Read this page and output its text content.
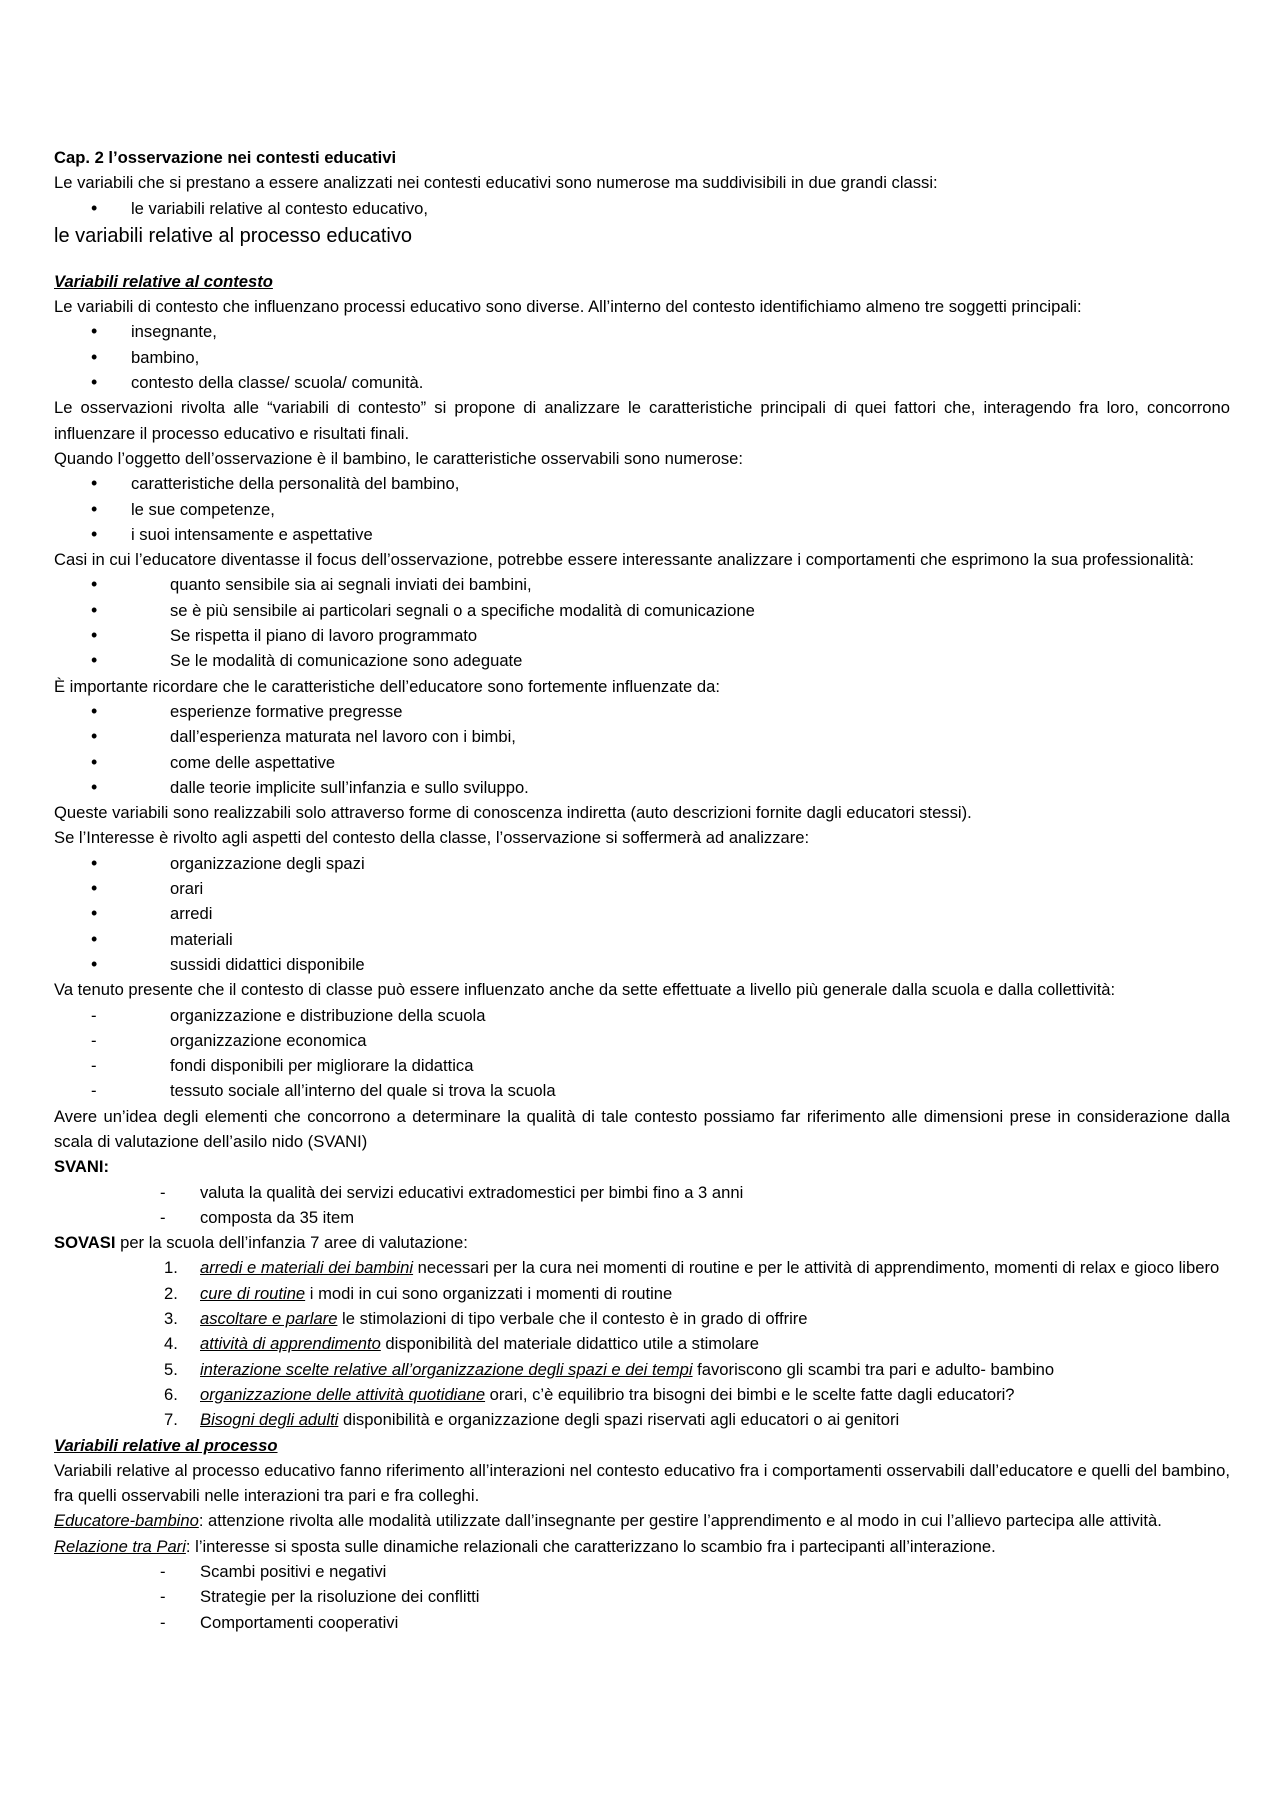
Cap. 2 l’osservazione nei contesti educativi

Le variabili che si prestano a essere analizzati nei contesti educativi sono numerose ma suddivisibili in due grandi classi:

• le variabili relative al contesto educativo,

le variabili relative al processo educativo

Variabili relative al contesto

Le variabili di contesto che influenzano processi educativo sono diverse. All’interno del contesto identifichiamo almeno tre soggetti principali:

• insegnante,
• bambino,
• contesto della classe/ scuola/ comunità.

Le osservazioni rivolta alle “variabili di contesto” si propone di analizzare le caratteristiche principali di quei fattori che, interagendo fra loro, concorrono influenzare il processo educativo e risultati finali.

Quando l’oggetto dell’osservazione è il bambino, le caratteristiche osservabili sono numerose:

• caratteristiche della personalità del bambino,
• le sue competenze,
• i suoi intensamente e aspettative

Casi in cui l’educatore diventasse il focus dell’osservazione, potrebbe essere interessante analizzare i comportamenti che esprimono la sua professionalità:

•	quanto sensibile sia ai segnali inviati dei bambini,
•	se è più sensibile ai particolari segnali o a specifiche modalità di comunicazione
•	Se rispetta il piano di lavoro programmato
•	Se le modalità di comunicazione sono adeguate

È importante ricordare che le caratteristiche dell’educatore sono fortemente influenzate da:

•	esperienze formative pregresse
•	dall’esperienza maturata nel lavoro con i bimbi,
•	come delle aspettative
•	dalle teorie implicite sull’infanzia e sullo sviluppo.

Queste variabili sono realizzabili solo attraverso forme di conoscenza indiretta (auto descrizioni fornite dagli educatori stessi).

Se l’Interesse è rivolto agli aspetti del contesto della classe, l’osservazione si soffermerà ad analizzare:

•	organizzazione degli spazi
•	orari
•	arredi
•	materiali
•	sussidi didattici disponibile

Va tenuto presente che il contesto di classe può essere influenzato anche da sette effettuate a livello più generale dalla scuola e dalla collettività:

-	organizzazione e distribuzione della scuola
-	organizzazione economica
-	fondi disponibili per migliorare la didattica
-	tessuto sociale all’interno del quale si trova la scuola

Avere un’idea degli elementi che concorrono a determinare la qualità di tale contesto possiamo far riferimento alle dimensioni prese in considerazione dalla scala di valutazione dell’asilo nido (SVANI)

SVANI:

- valuta la qualità dei servizi educativi extradomestici per bimbi fino a 3 anni
- composta da 35 item

SOVASI per la scuola dell’infanzia 7 aree di valutazione:

1. arredi e materiali dei bambini necessari per la cura nei momenti di routine e per le attività di apprendimento, momenti di relax e gioco libero
2. cure di routine i modi in cui sono organizzati i momenti di routine
3. ascoltare e parlare le stimolazioni di tipo verbale che il contesto è in grado di offrire
4. attività di apprendimento disponibilità del materiale didattico utile a stimolare
5. interazione scelte relative all’organizzazione degli spazi e dei tempi favoriscono gli scambi tra pari e adulto- bambino
6. organizzazione delle attività quotidiane orari, c’è equilibrio tra bisogni dei bimbi e le scelte fatte dagli educatori?
7. Bisogni degli adulti disponibilità e organizzazione degli spazi riservati agli educatori o ai genitori

Variabili relative al processo

Variabili relative al processo educativo fanno riferimento all’interazioni nel contesto educativo fra i comportamenti osservabili dall’educatore e quelli del bambino, fra quelli osservabili nelle interazioni tra pari e fra colleghi.

Educatore-bambino: attenzione rivolta alle modalità utilizzate dall’insegnante per gestire l’apprendimento e al modo in cui l’allievo partecipa alle attività.

Relazione tra Pari: l’interesse si sposta sulle dinamiche relazionali che caratterizzano lo scambio fra i partecipanti all’interazione.

- Scambi positivi e negativi
- Strategie per la risoluzione dei conflitti
- Comportamenti cooperativi
